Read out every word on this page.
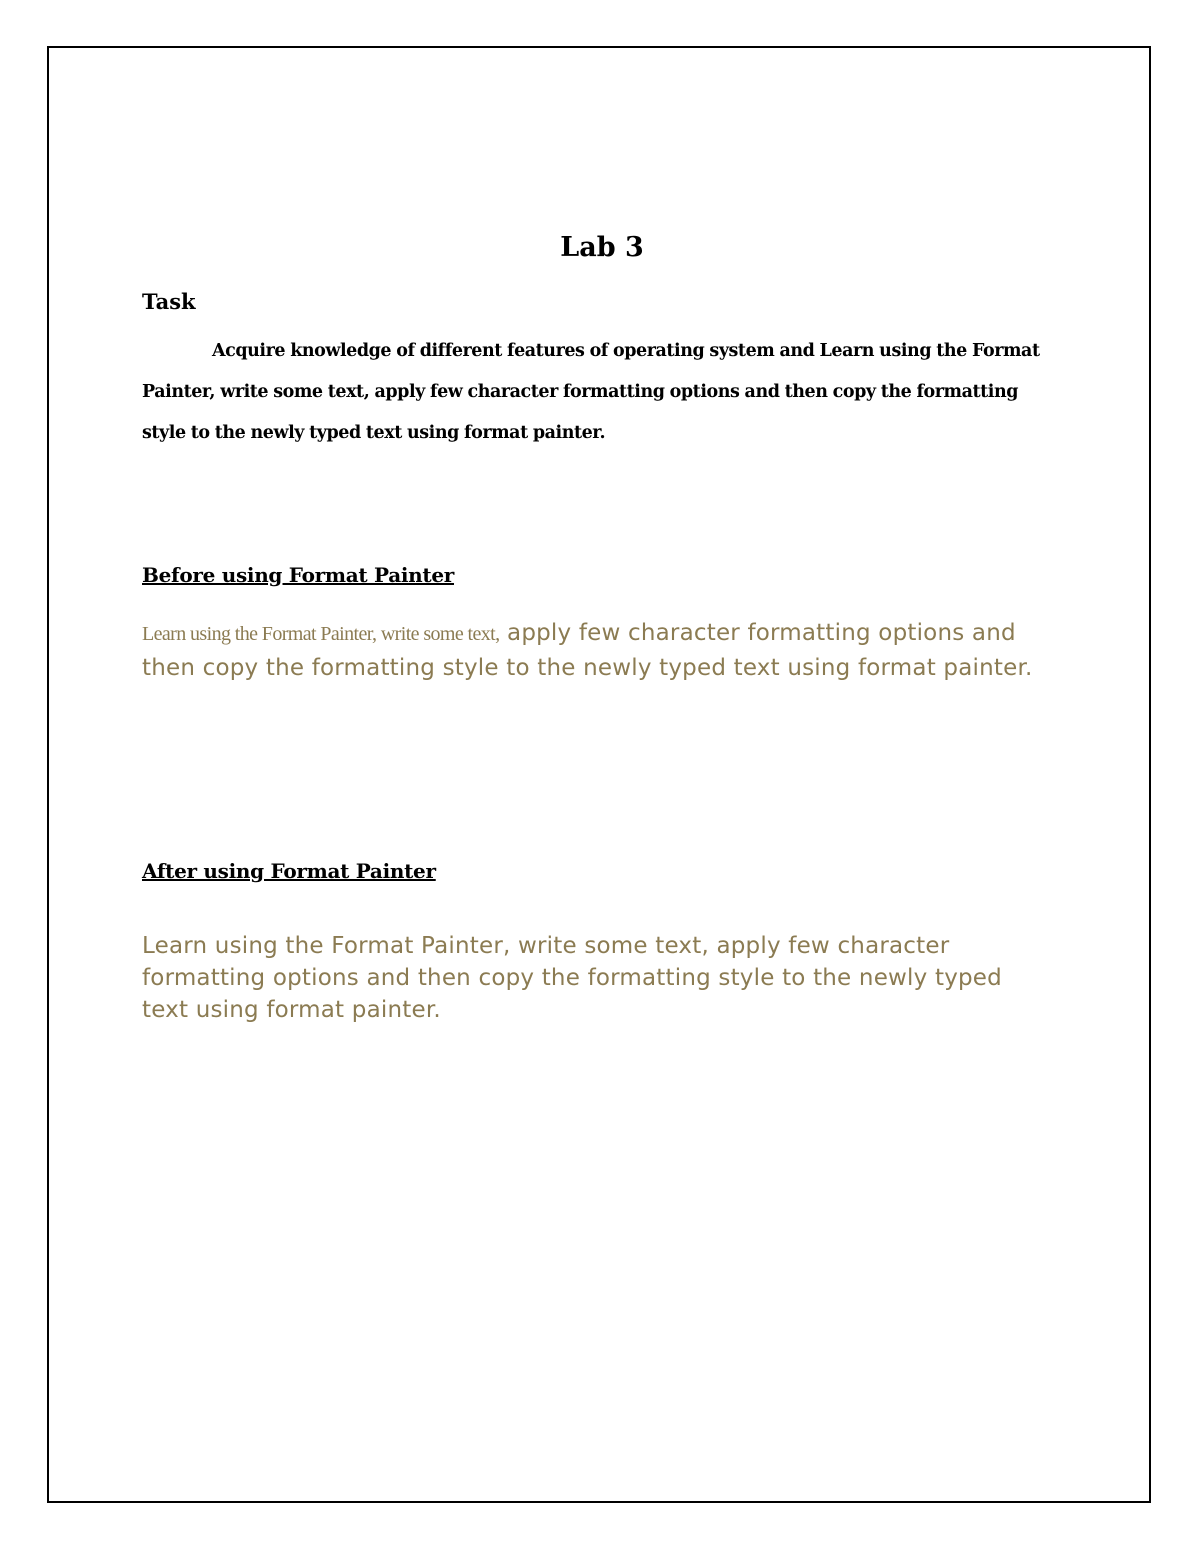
Lab 3

Task

Acquire knowledge of different features of operating system and Learn using the Format Painter, write some text, apply few character formatting options and then copy the formatting style to the newly typed text using format painter.

Before using Format Painter

Learn using the Format Painter, write some text, apply few character formatting options and then copy the formatting style to the newly typed text using format painter.

After using Format Painter

Learn using the Format Painter, write some text, apply few character formatting options and then copy the formatting style to the newly typed text using format painter.
